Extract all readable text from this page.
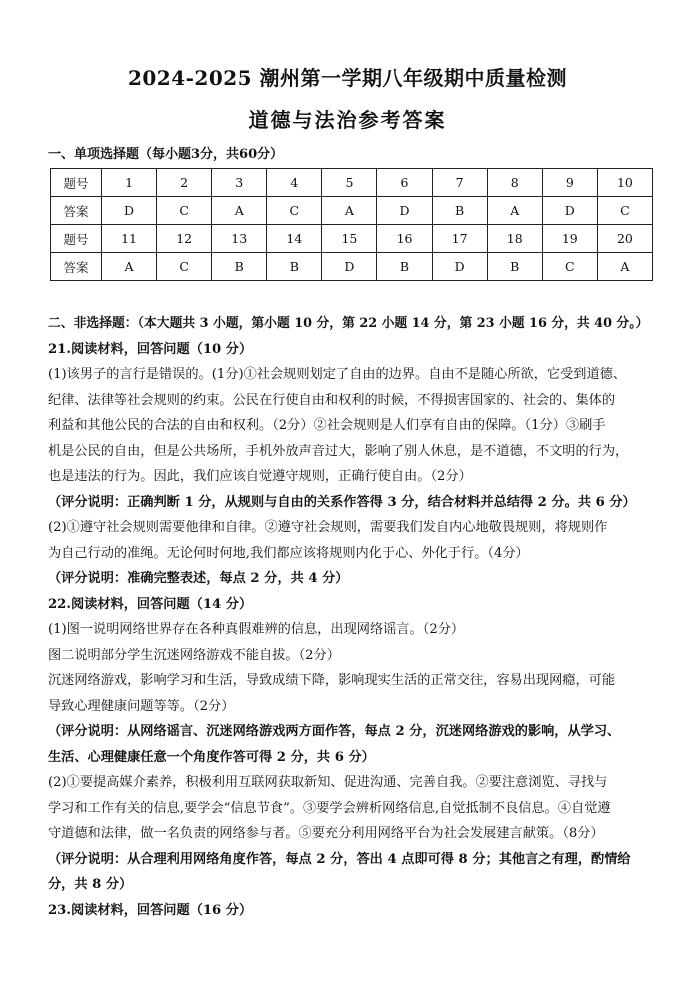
2024-2025 潮州第一学期八年级期中质量检测
道德与法治参考答案
一、单项选择题（每小题3分，共60分）
题号	1	2	3	4	5	6	7	8	9	10
答案	D	C	A	C	A	D	B	A	D	C
题号	11	12	13	14	15	16	17	18	19	20
答案	A	C	B	B	D	B	D	B	C	A

二、非选择题：（本大题共 3 小题，第小题 10 分，第 22 小题 14 分，第 23 小题 16 分，共 40 分。）

21.阅读材料，回答问题（10 分）

(1)该男子的言行是错误的。(1分)①社会规则划定了自由的边界。自由不是随心所欲，它受到道德、

纪律、法律等社会规则的约束。公民在行使自由和权利的时候，不得损害国家的、社会的、集体的

利益和其他公民的合法的自由和权利。（2分）②社会规则是人们享有自由的保障。（1分）③刷手

机是公民的自由，但是公共场所，手机外放声音过大，影响了别人休息，是不道德，不文明的行为，

也是违法的行为。因此，我们应该自觉遵守规则，正确行使自由。（2分）

（评分说明：正确判断 1 分，从规则与自由的关系作答得 3 分，结合材料并总结得 2 分。共 6 分）

(2)①遵守社会规则需要他律和自律。②遵守社会规则，需要我们发自内心地敬畏规则，将规则作

为自己行动的准绳。无论何时何地,我们都应该将规则内化于心、外化于行。（4分）

（评分说明：准确完整表述，每点 2 分，共 4 分）

22.阅读材料，回答问题（14 分）

(1)图一说明网络世界存在各种真假难辨的信息，出现网络谣言。（2分）

图二说明部分学生沉迷网络游戏不能自拔。（2分）

沉迷网络游戏，影响学习和生活，导致成绩下降，影响现实生活的正常交往，容易出现网瘾，可能

导致心理健康问题等等。（2分）

（评分说明：从网络谣言、沉迷网络游戏两方面作答，每点 2 分，沉迷网络游戏的影响，从学习、

生活、心理健康任意一个角度作答可得 2 分，共 6 分）

(2)①要提高媒介素养，积极利用互联网获取新知、促进沟通、完善自我。②要注意浏览、寻找与

学习和工作有关的信息,要学会“信息节食”。③要学会辨析网络信息,自觉抵制不良信息。④自觉遵

守道德和法律，做一名负责的网络参与者。⑤要充分利用网络平台为社会发展建言献策。（8分）

（评分说明：从合理利用网络角度作答，每点 2 分，答出 4 点即可得 8 分；其他言之有理，酌情给

分，共 8 分）

23.阅读材料，回答问题（16 分）
